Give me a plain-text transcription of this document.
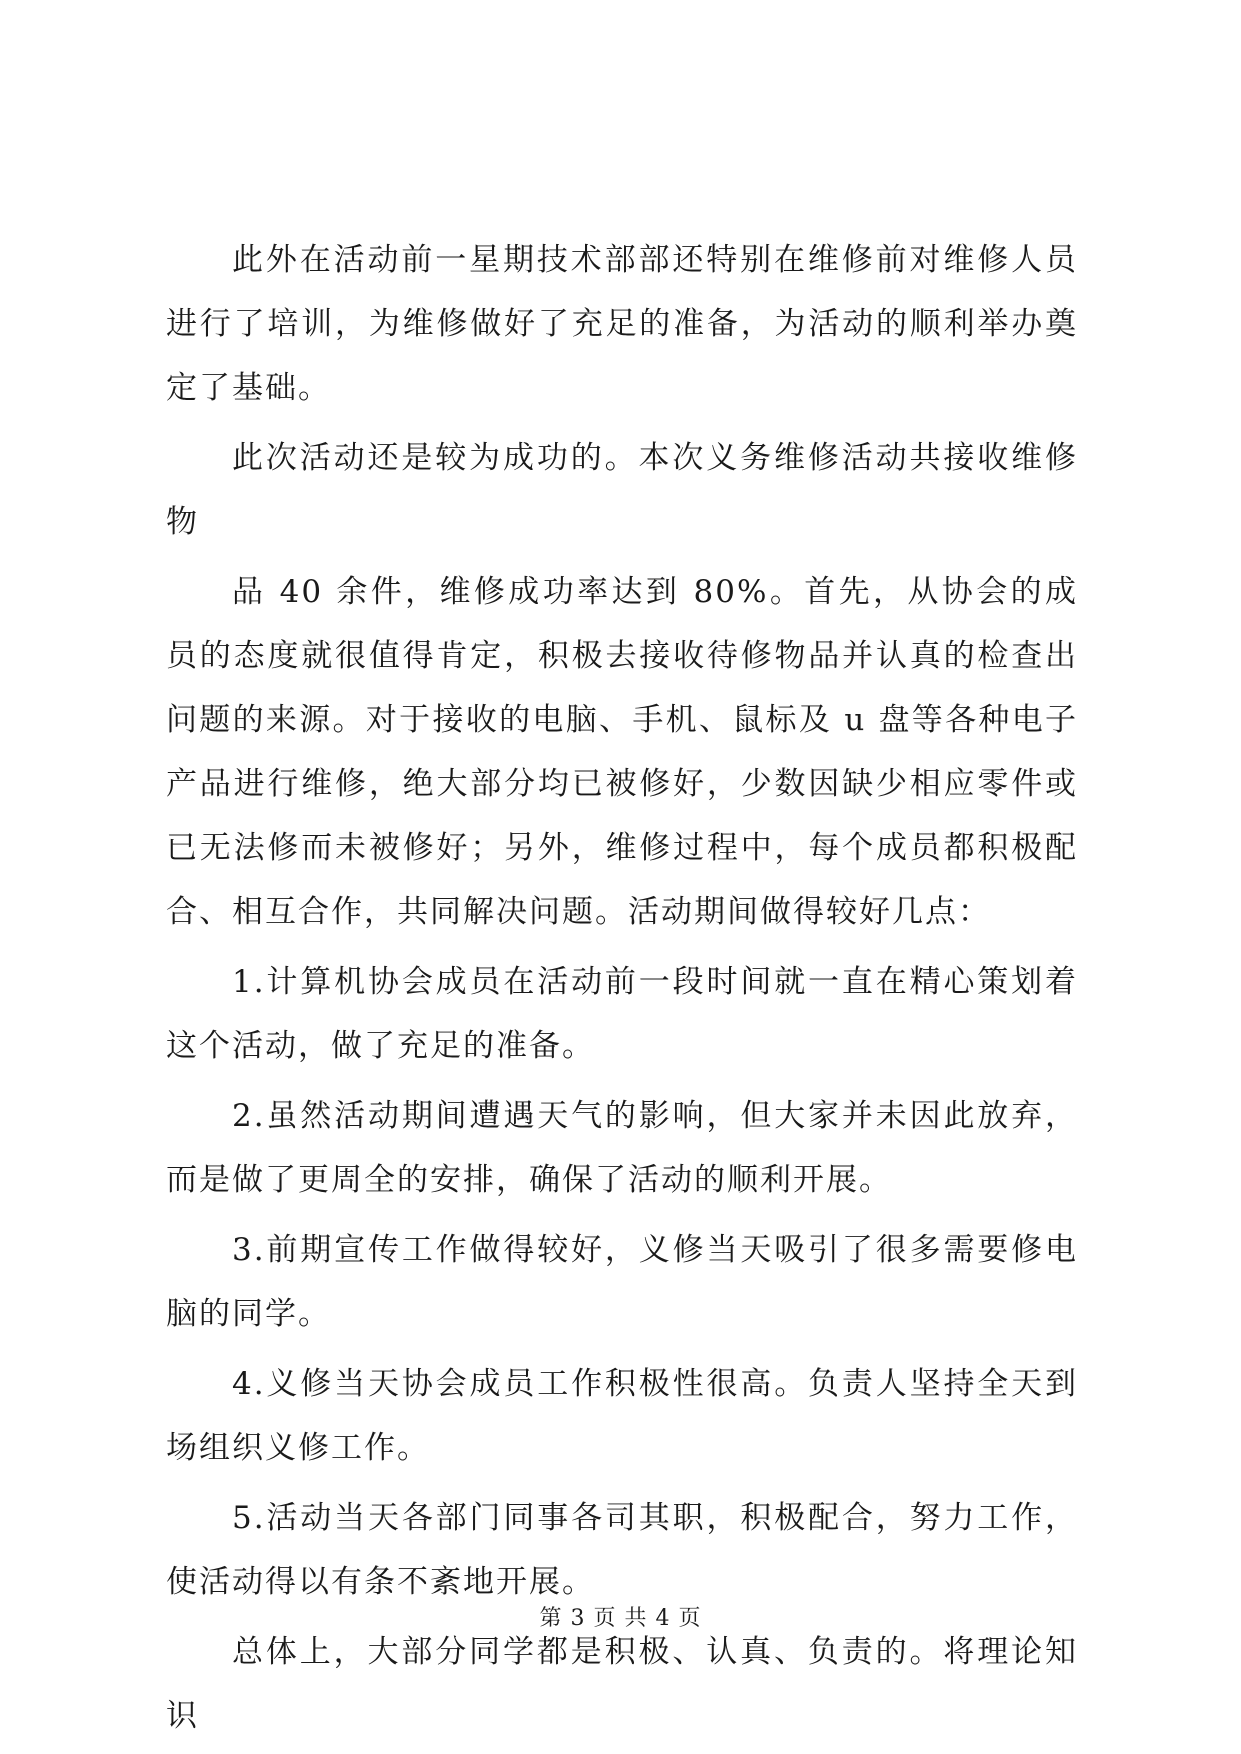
此外在活动前一星期技术部部还特别在维修前对维修人员进行了培训，为维修做好了充足的准备，为活动的顺利举办奠定了基础。

此次活动还是较为成功的。本次义务维修活动共接收维修物

品 40 余件，维修成功率达到 80%。首先，从协会的成员的态度就很值得肯定，积极去接收待修物品并认真的检查出问题的来源。对于接收的电脑、手机、鼠标及 u 盘等各种电子产品进行维修，绝大部分均已被修好，少数因缺少相应零件或已无法修而未被修好；另外，维修过程中，每个成员都积极配合、相互合作，共同解决问题。活动期间做得较好几点：

1.计算机协会成员在活动前一段时间就一直在精心策划着这个活动，做了充足的准备。

2.虽然活动期间遭遇天气的影响，但大家并未因此放弃，而是做了更周全的安排，确保了活动的顺利开展。

3.前期宣传工作做得较好，义修当天吸引了很多需要修电脑的同学。

4.义修当天协会成员工作积极性很高。负责人坚持全天到场组织义修工作。

5.活动当天各部门同事各司其职，积极配合，努力工作，使活动得以有条不紊地开展。

总体上，大部分同学都是积极、认真、负责的。将理论知识

第 3 页 共 4 页
